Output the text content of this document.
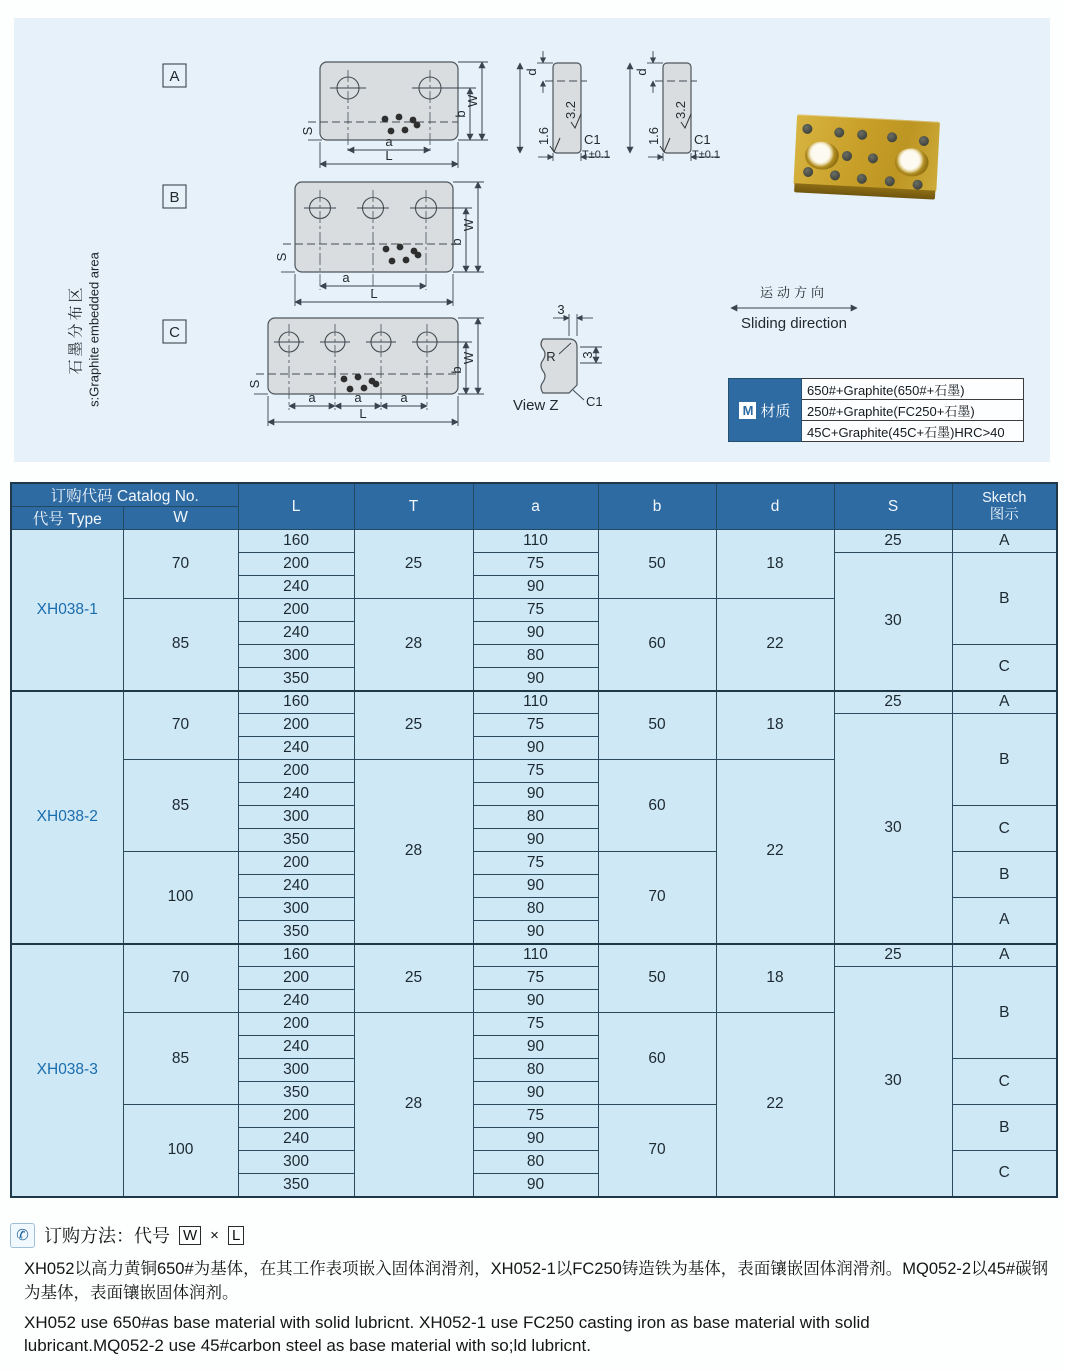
A
S
a
L
b
W
d
1.6
3.2
C1
T±0.1
d
1.6
3.2
C1
T±0.1
B
S
a
L
b
W
C
S
a	a	a
L
b
W
3
3
R
C1
View Z
运动方向
Sliding direction
石墨分布区 s:Graphite embedded area
M 材质
650#+Graphite(650#+石墨)
250#+Graphite(FC250+石墨)
45C+Graphite(45C+石墨)HRC>40
订购代码 Catalog No.		L	T	a	b	d	S	Sketch
图示

代号 Type	W							
XH038-1	70	160	25	110	50	18	25	A
		200		75			30	B
		240		90				
	85	200	28	75	60	22		
		240		90				
		300		80				C
		350		90				
XH038-2	70	160	25	110	50	18	25	A
		200		75			30	B
		240		90				
	85	200	28	75	60	22		
		240		90				
		300		80				C
		350		90				
	100	200		75	70			B
		240		90				
		300		80				A
		350		90				
XH038-3	70	160	25	110	50	18	25	A
		200		75			30	B
		240		90				
	85	200	28	75	60	22		
		240		90				
		300		80				C
		350		90				
	100	200		75	70			B
		240		90				
		300		80				C
		350		90				
✆ 订购方法：代号 W × L
XH052以高力黄铜650#为基体，在其工作表项嵌入固体润滑剂，XH052-1以FC250铸造铁为基体，表面镶嵌固体润滑剂。MQ052-2以45#碳钢为基体，表面镶嵌固体润剂。
XH052 use 650#as base material with solid lubricnt. XH052-1 use FC250 casting iron as base material with solid lubricant.MQ052-2 use 45#carbon steel as base material with so;ld lubricnt.
